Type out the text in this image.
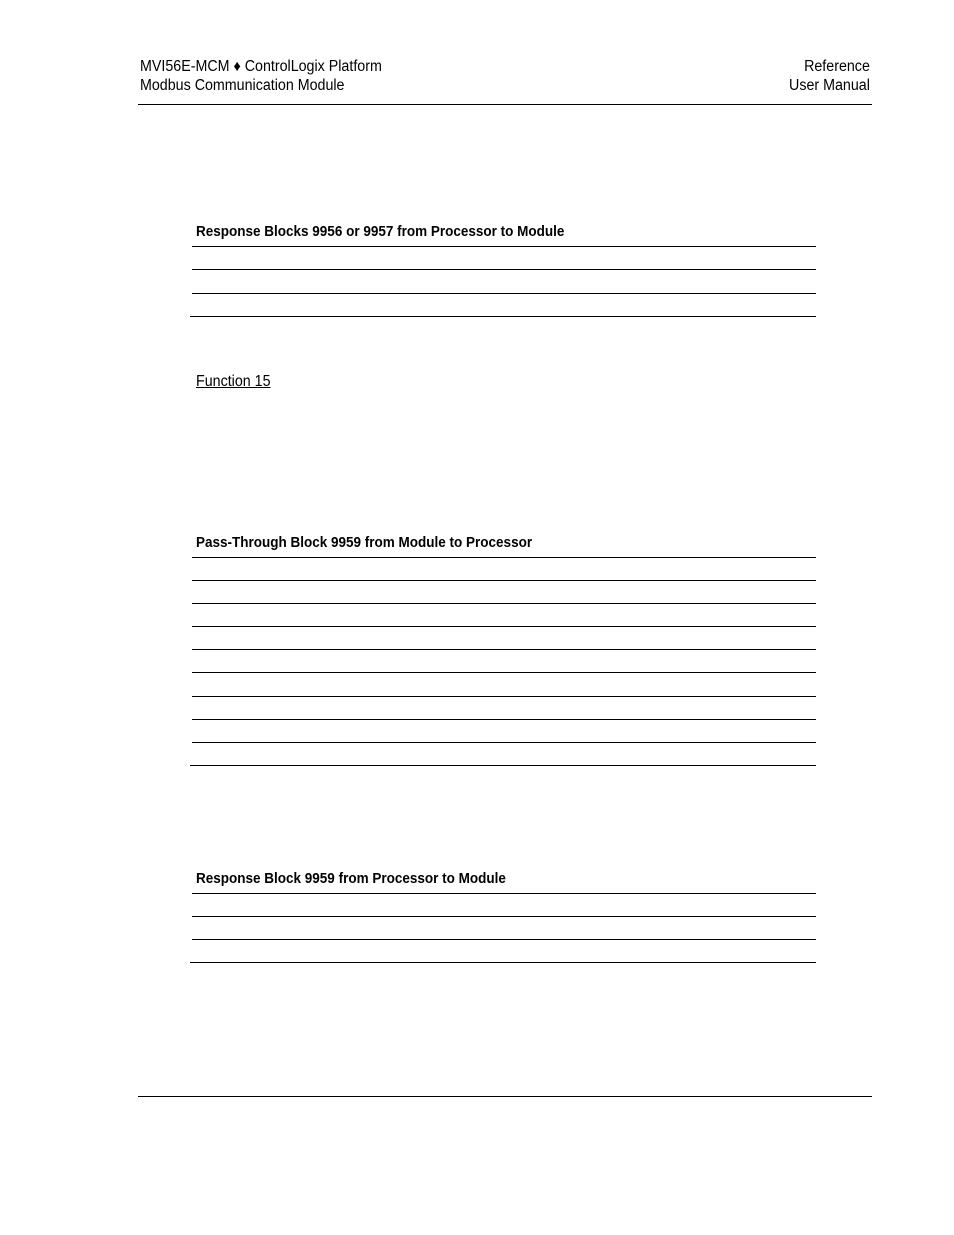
MVI56E-MCM ♦ ControlLogix Platform
Modbus Communication Module
Reference
User Manual
Response Blocks 9956 or 9957 from Processor to Module
Function 15
Pass-Through Block 9959 from Module to Processor
Response Block 9959 from Processor to Module
